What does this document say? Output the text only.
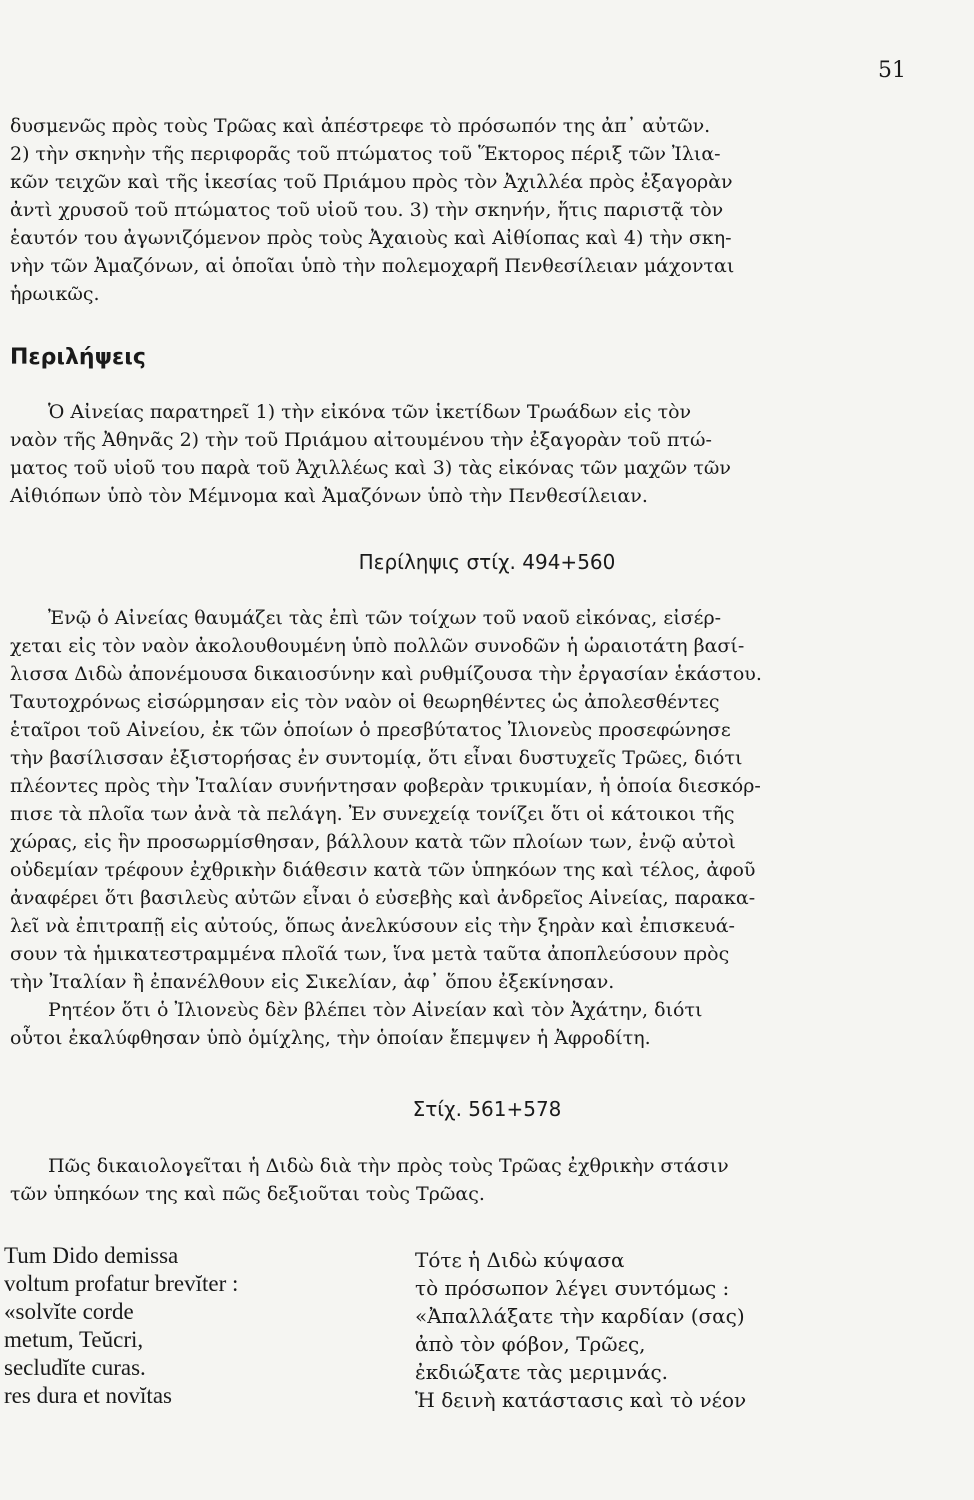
51

δυσμενῶς πρὸς τοὺς Τρῶας καὶ ἀπέστρεφε τὸ πρόσωπόν της ἀπ᾽ αὐτῶν.

2) τὴν σκηνὴν τῆς περιφορᾶς τοῦ πτώματος τοῦ Ἕκτορος πέριξ τῶν Ἰλια-

κῶν τειχῶν καὶ τῆς ἱκεσίας τοῦ Πριάμου πρὸς τὸν Ἀχιλλέα πρὸς ἐξαγορὰν

ἀντὶ χρυσοῦ τοῦ πτώματος τοῦ υἱοῦ του. 3) τὴν σκηνήν, ἥτις παριστᾷ τὸν

ἑαυτόν του ἀγωνιζόμενον πρὸς τοὺς Ἀχαιοὺς καὶ Αἰθίοπας καὶ 4) τὴν σκη-

νὴν τῶν Ἀμαζόνων, αἱ ὁποῖαι ὑπὸ τὴν πολεμοχαρῆ Πενθεσίλειαν μάχονται

ἡρωικῶς.

Περιλήψεις

Ὁ Αἰνείας παρατηρεῖ 1) τὴν εἰκόνα τῶν ἱκετίδων Τρωάδων εἰς τὸν

ναὸν τῆς Ἀθηνᾶς 2) τὴν τοῦ Πριάμου αἰτουμένου τὴν ἐξαγορὰν τοῦ πτώ-

ματος τοῦ υἱοῦ του παρὰ τοῦ Ἀχιλλέως καὶ 3) τὰς εἰκόνας τῶν μαχῶν τῶν

Αἰθιόπων ὑπὸ τὸν Μέμνομα καὶ Ἀμαζόνων ὑπὸ τὴν Πενθεσίλειαν.

Περίληψις στίχ. 494+560

Ἐνῷ ὁ Αἰνείας θαυμάζει τὰς ἐπὶ τῶν τοίχων τοῦ ναοῦ εἰκόνας, εἰσέρ-

χεται εἰς τὸν ναὸν ἀκολουθουμένη ὑπὸ πολλῶν συνοδῶν ἡ ὡραιοτάτη βασί-

λισσα Διδὼ ἀπονέμουσα δικαιοσύνην καὶ ρυθμίζουσα τὴν ἐργασίαν ἑκάστου.

Ταυτοχρόνως εἰσώρμησαν εἰς τὸν ναὸν οἱ θεωρηθέντες ὡς ἀπολεσθέντες

ἑταῖροι τοῦ Αἰνείου, ἐκ τῶν ὁποίων ὁ πρεσβύτατος Ἰλιονεὺς προσεφώνησε

τὴν βασίλισσαν ἐξιστορήσας ἐν συντομίᾳ, ὅτι εἶναι δυστυχεῖς Τρῶες, διότι

πλέοντες πρὸς τὴν Ἰταλίαν συνήντησαν φοβερὰν τρικυμίαν, ἡ ὁποία διεσκόρ-

πισε τὰ πλοῖα των ἀνὰ τὰ πελάγη. Ἐν συνεχείᾳ τονίζει ὅτι οἱ κάτοικοι τῆς

χώρας, εἰς ἣν προσωρμίσθησαν, βάλλουν κατὰ τῶν πλοίων των, ἐνῷ αὐτοὶ

οὐδεμίαν τρέφουν ἐχθρικὴν διάθεσιν κατὰ τῶν ὑπηκόων της καὶ τέλος, ἀφοῦ

ἀναφέρει ὅτι βασιλεὺς αὐτῶν εἶναι ὁ εὐσεβὴς καὶ ἀνδρεῖος Αἰνείας, παρακα-

λεῖ νὰ ἐπιτραπῇ εἰς αὐτούς, ὅπως ἀνελκύσουν εἰς τὴν ξηρὰν καὶ ἐπισκευά-

σουν τὰ ἡμικατεστραμμένα πλοῖά των, ἵνα μετὰ ταῦτα ἀποπλεύσουν πρὸς

τὴν Ἰταλίαν ἢ ἐπανέλθουν εἰς Σικελίαν, ἀφ᾽ ὅπου ἐξεκίνησαν.

Ρητέον ὅτι ὁ Ἰλιονεὺς δὲν βλέπει τὸν Αἰνείαν καὶ τὸν Ἀχάτην, διότι

οὗτοι ἐκαλύφθησαν ὑπὸ ὁμίχλης, τὴν ὁποίαν ἔπεμψεν ἡ Ἀφροδίτη.

Στίχ. 561+578

Πῶς δικαιολογεῖται ἡ Διδὼ διὰ τὴν πρὸς τοὺς Τρῶας ἐχθρικὴν στάσιν

τῶν ὑπηκόων της καὶ πῶς δεξιοῦται τοὺς Τρῶας.

Tum Dido demissa
voltum profatur brevĭter :
«solvĭte corde
metum, Teŭcri,
secludĭte curas.
res dura et novĭtas
Τότε ἡ Διδὼ κύψασα
τὸ πρόσωπον λέγει συντόμως :
«Ἀπαλλάξατε τὴν καρδίαν (σας)
ἀπὸ τὸν φόβον, Τρῶες,
ἐκδιώξατε τὰς μεριμνάς.
Ἡ δεινὴ κατάστασις καὶ τὸ νέον
